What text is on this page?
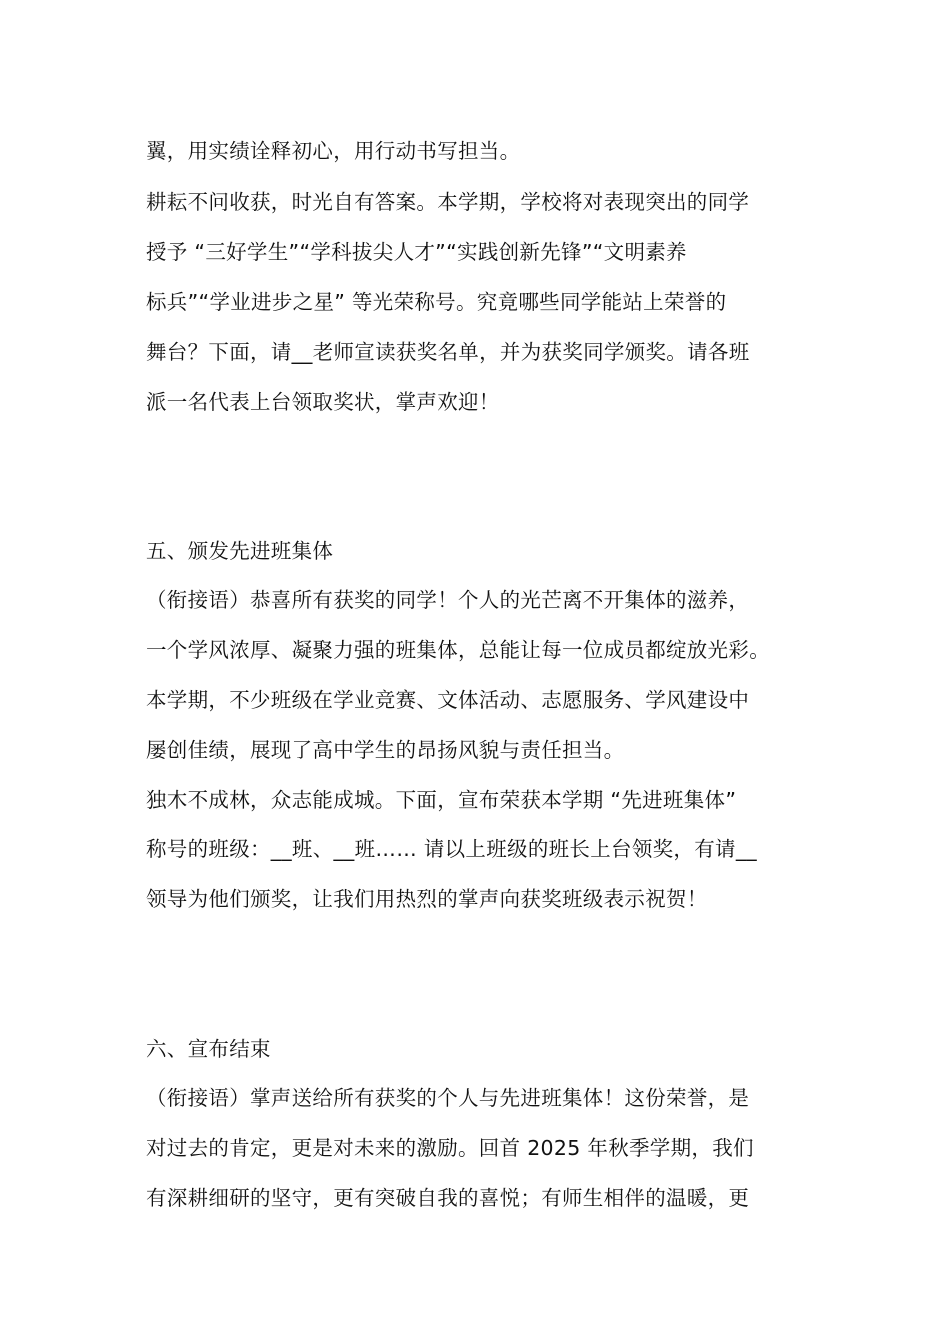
翼，用实绩诠释初心，用行动书写担当。
耕耘不问收获，时光自有答案。本学期，学校将对表现突出的同学
授予 “三好学生”“学科拔尖人才”“实践创新先锋”“文明素养
标兵”“学业进步之星” 等光荣称号。究竟哪些同学能站上荣誉的
舞台？下面，请__老师宣读获奖名单，并为获奖同学颁奖。请各班
派一名代表上台领取奖状，掌声欢迎！
五、颁发先进班集体
（衔接语）恭喜所有获奖的同学！个人的光芒离不开集体的滋养，
一个学风浓厚、凝聚力强的班集体，总能让每一位成员都绽放光彩。
本学期，不少班级在学业竞赛、文体活动、志愿服务、学风建设中
屡创佳绩，展现了高中学生的昂扬风貌与责任担当。
独木不成林，众志能成城。下面，宣布荣获本学期 “先进班集体”
称号的班级：__班、__班…… 请以上班级的班长上台领奖，有请__
领导为他们颁奖，让我们用热烈的掌声向获奖班级表示祝贺！
六、宣布结束
（衔接语）掌声送给所有获奖的个人与先进班集体！这份荣誉，是
对过去的肯定，更是对未来的激励。回首 2025 年秋季学期，我们
有深耕细研的坚守，更有突破自我的喜悦；有师生相伴的温暖，更
